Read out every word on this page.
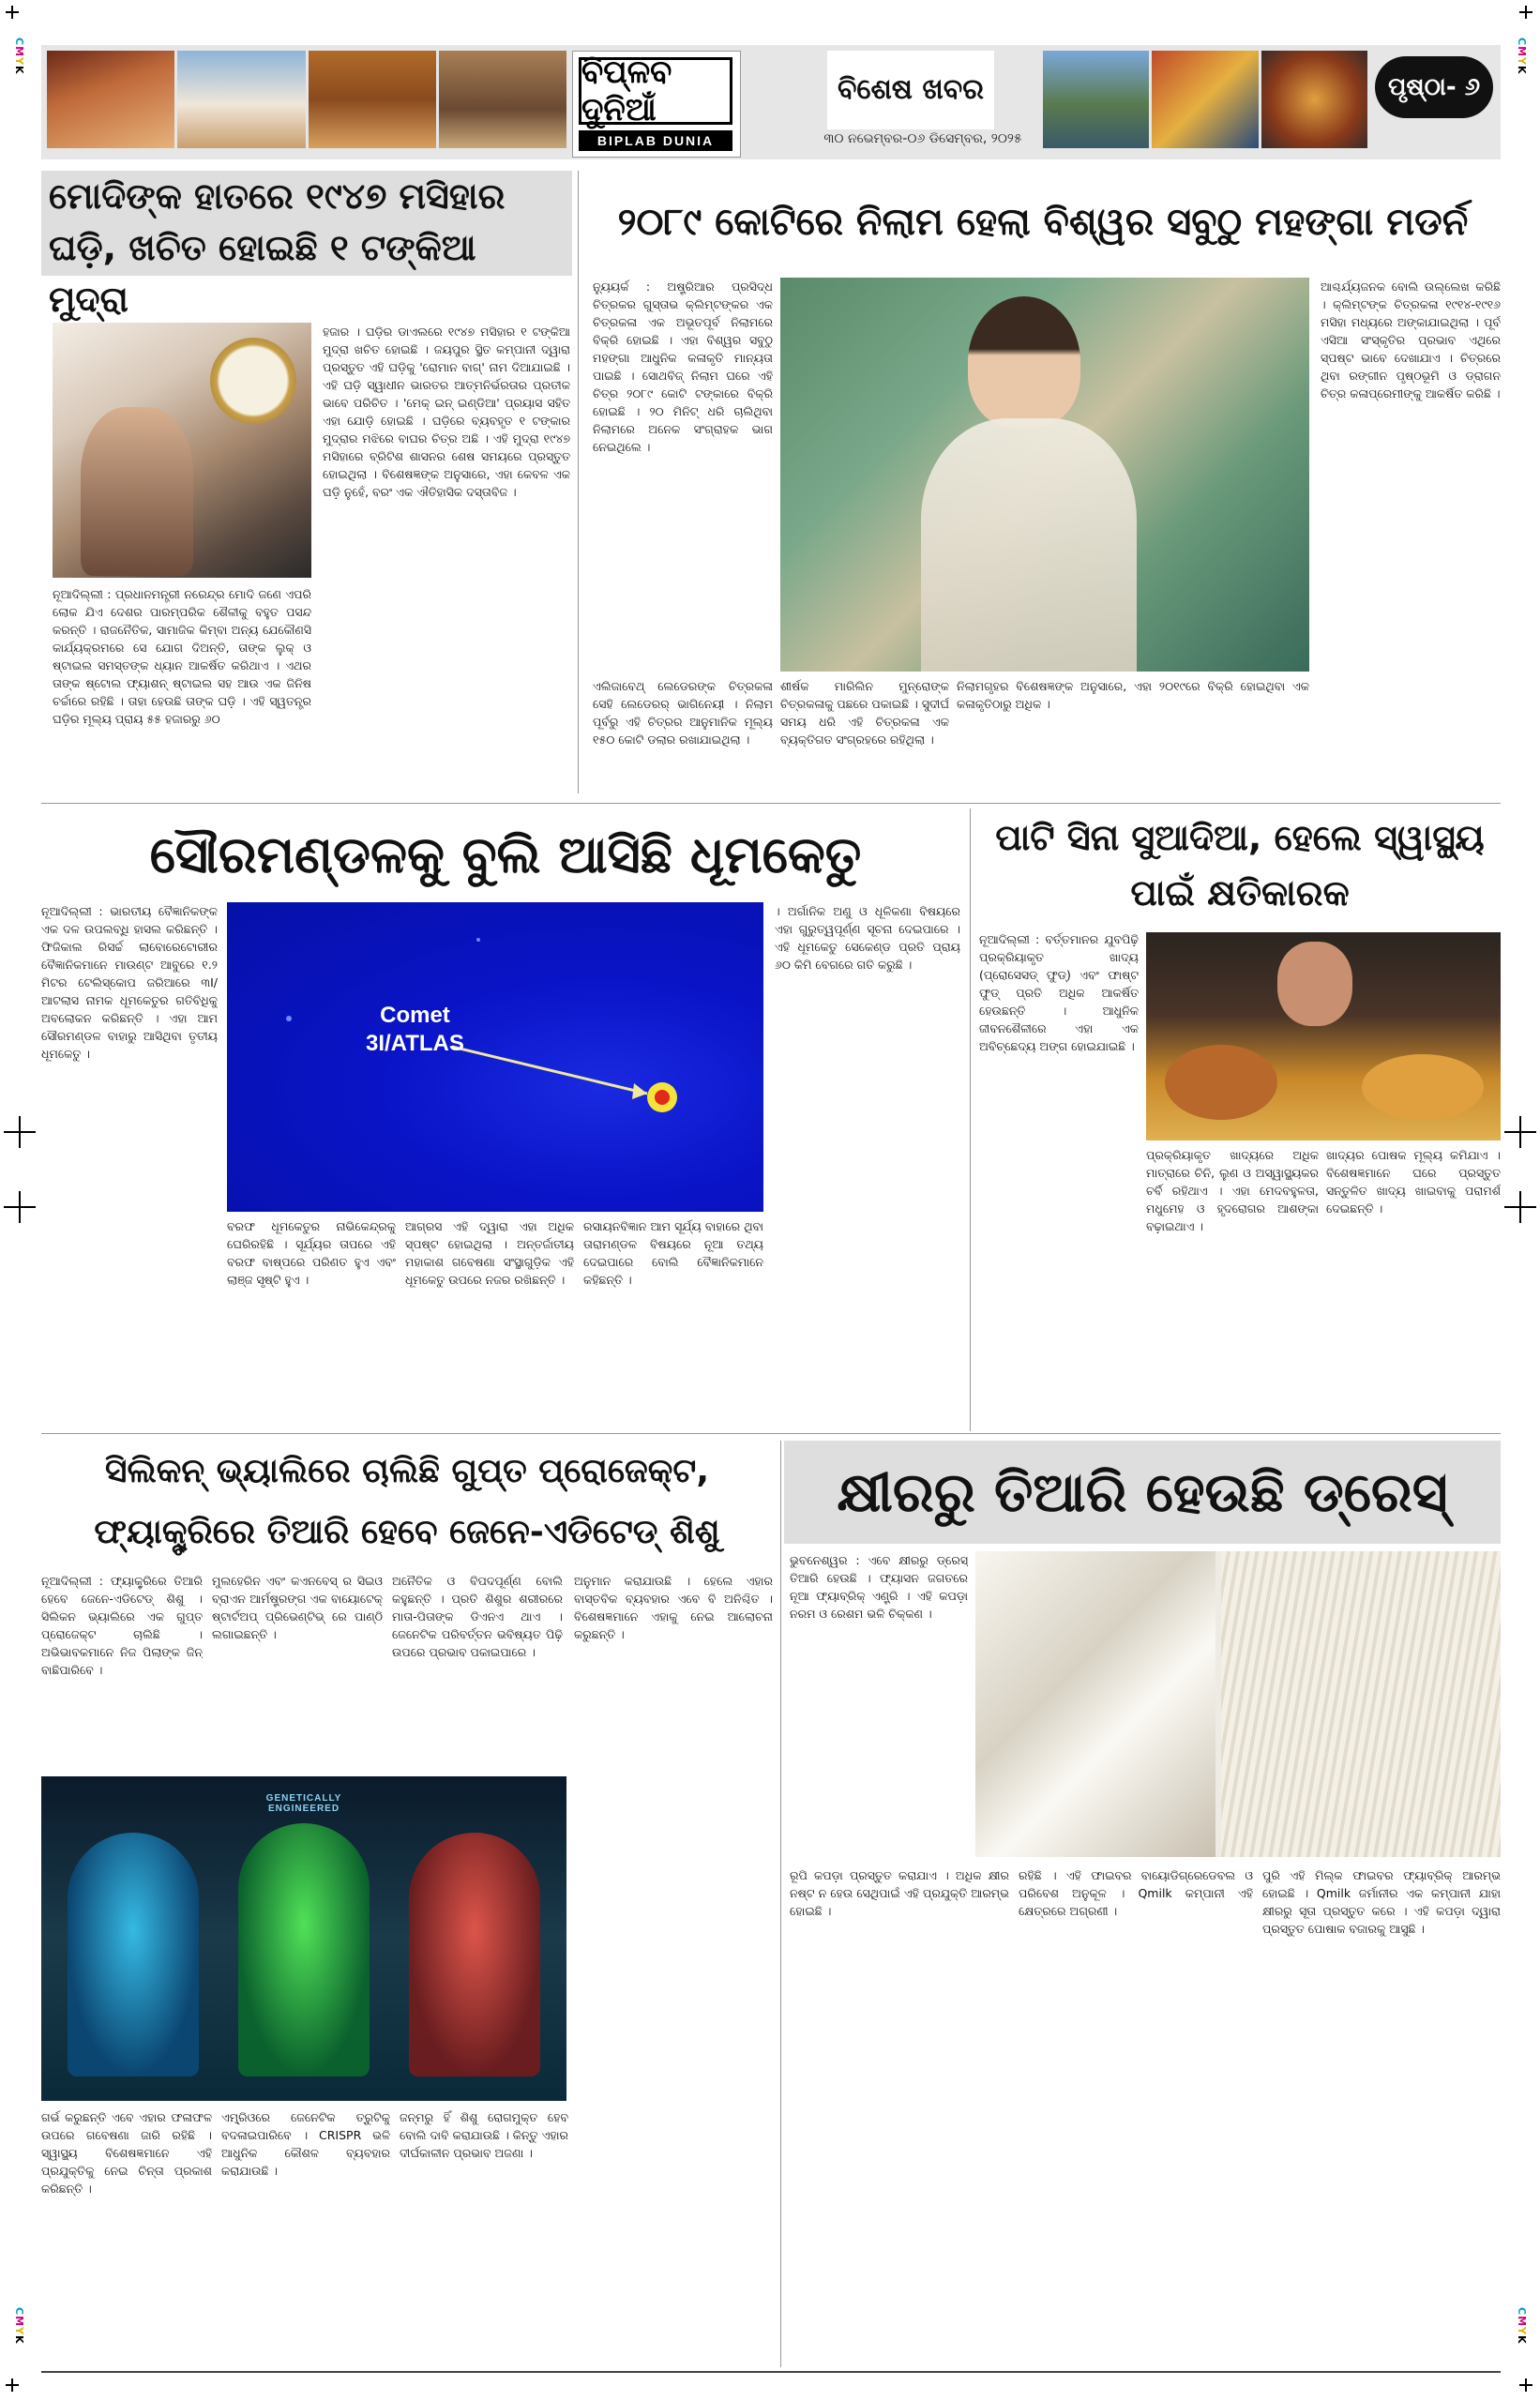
CMYK
CMYK
CMYK
CMYK
ବିପ୍ଳବ ଦୁନିଆଁ
BIPLAB DUNIA
ବିଶେଷ ଖବର
୩୦ ନଭେମ୍ବର-୦୬ ଡିସେମ୍ବର, ୨୦୨୫
ପୃଷ୍ଠା- ୬
ମୋଦିଙ୍କ ହାତରେ ୧୯୪୭ ମସିହାର ଘଡ଼ି, ଖଚିତ ହୋଇଛି ୧ ଟଙ୍କିଆ ମୁଦ୍ରା
ନୂଆଦିଲ୍ଲୀ : ପ୍ରଧାନମନ୍ତ୍ରୀ ନରେନ୍ଦ୍ର ମୋଦି ଜଣେ ଏପରି ଲୋକ ଯିଏ ଦେଶର ପାରମ୍ପରିକ ଶୈଳୀକୁ ବହୁତ ପସନ୍ଦ କରନ୍ତି । ରାଜନୈତିକ, ସାମାଜିକ କିମ୍ବା ଅନ୍ୟ ଯେକୌଣସି କାର୍ଯ୍ୟକ୍ରମରେ ସେ ଯୋଗ ଦିଅନ୍ତି, ତାଙ୍କ ଲୁକ୍ ଓ ଷ୍ଟାଇଲ ସମସ୍ତଙ୍କ ଧ୍ୟାନ ଆକର୍ଷିତ କରିଥାଏ । ଏଥର ତାଙ୍କ ଷ୍ଟୋଲ ଫ୍ୟାଶନ୍ ଷ୍ଟାଇଲ ସହ ଆଉ ଏକ ଜିନିଷ ଚର୍ଚ୍ଚାରେ ରହିଛି । ତାହା ହେଉଛି ତାଙ୍କ ଘଡ଼ି । ଏହି ସ୍ୱତନ୍ତ୍ର ଘଡ଼ିର ମୂଲ୍ୟ ପ୍ରାୟ ୫୫ ହଜାରରୁ ୬୦
ହଜାର । ଘଡ଼ିର ଡାଏଲରେ ୧୯୪୭ ମସିହାର ୧ ଟଙ୍କିଆ ମୁଦ୍ରା ଖଚିତ ହୋଇଛି । ଜୟପୁର ସ୍ଥିତ କମ୍ପାନୀ ଦ୍ୱାରା ପ୍ରସ୍ତୁତ ଏହି ଘଡ଼ିକୁ 'ରୋମାନ ବାଗ୍' ନାମ ଦିଆଯାଇଛି । ଏହି ଘଡ଼ି ସ୍ୱାଧୀନ ଭାରତର ଆତ୍ମନିର୍ଭରତାର ପ୍ରତୀକ ଭାବେ ପରିଚିତ । 'ମେକ୍ ଇନ୍ ଇଣ୍ଡିଆ' ପ୍ରୟାସ ସହିତ ଏହା ଯୋଡ଼ି ହୋଇଛି । ଘଡ଼ିରେ ବ୍ୟବହୃତ ୧ ଟଙ୍କାର ମୁଦ୍ରାର ମଝିରେ ବାଘର ଚିତ୍ର ଅଛି । ଏହି ମୁଦ୍ରା ୧୯୪୭ ମସିହାରେ ବ୍ରିଟିଶ ଶାସନର ଶେଷ ସମୟରେ ପ୍ରସ୍ତୁତ ହୋଇଥିଲା । ବିଶେଷଜ୍ଞଙ୍କ ଅନୁସାରେ, ଏହା କେବଳ ଏକ ଘଡ଼ି ନୁହେଁ, ବରଂ ଏକ ଐତିହାସିକ ଦସ୍ତାବିଜ ।
୨୦୮୯ କୋଟିରେ ନିଲାମ ହେଲା ବିଶ୍ୱର ସବୁଠୁ ମହଙ୍ଗା ମଡର୍ନ
ନ୍ୟୁୟର୍କ : ଅଷ୍ଟ୍ରିଆର ପ୍ରସିଦ୍ଧ ଚିତ୍ରକର ଗୁସ୍ତାଭ କ୍ଲିମ୍ଟଙ୍କର ଏକ ଚିତ୍ରକଳା ଏକ ଅଭୂତପୂର୍ବ ନିଲାମରେ ବିକ୍ରି ହୋଇଛି । ଏହା ବିଶ୍ୱର ସବୁଠୁ ମହଙ୍ଗା ଆଧୁନିକ କଳାକୃତି ମାନ୍ୟତା ପାଇଛି । ସୋଥବିଜ୍ ନିଲାମ ଘରେ ଏହି ଚିତ୍ର ୨୦୮୯ କୋଟି ଟଙ୍କାରେ ବିକ୍ରି ହୋଇଛି । ୨୦ ମିନିଟ୍ ଧରି ଚାଲିଥିବା ନିଲାମରେ ଅନେକ ସଂଗ୍ରାହକ ଭାଗ ନେଇଥିଲେ ।
ଆଶ୍ଚର୍ଯ୍ୟଜନକ ବୋଲି ଉଲ୍ଲେଖ କରିଛି । କ୍ଲିମ୍ଟଙ୍କ ଚିତ୍ରକଳା ୧୯୧୪-୧୯୧୬ ମସିହା ମଧ୍ୟରେ ଅଙ୍କାଯାଇଥିଲା । ପୂର୍ବ ଏସିଆ ସଂସ୍କୃତିର ପ୍ରଭାବ ଏଥିରେ ସ୍ପଷ୍ଟ ଭାବେ ଦେଖାଯାଏ । ଚିତ୍ରରେ ଥିବା ରଙ୍ଗୀନ ପୃଷ୍ଠଭୂମି ଓ ଡ୍ରାଗନ ଚିତ୍ର କଳାପ୍ରେମୀଙ୍କୁ ଆକର୍ଷିତ କରିଛି ।
ଏଲିଜାବେଥ୍ ଲେଡେରଙ୍କ ଚିତ୍ରକଳା ସେହି ଲେଡେରର୍ ଭାଗିନେୟୀ । ନିଲାମ ପୂର୍ବରୁ ଏହି ଚିତ୍ରର ଆନୁମାନିକ ମୂଲ୍ୟ ୧୫୦ କୋଟି ଡଲାର ରଖାଯାଇଥିଲା ।
ଶୀର୍ଷକ ମାରିଲିନ ମୁନ୍ରୋଙ୍କ ଚିତ୍ରକଳାକୁ ପଛରେ ପକାଇଛି । ସୁଦୀର୍ଘ ସମୟ ଧରି ଏହି ଚିତ୍ରକଳା ଏକ ବ୍ୟକ୍ତିଗତ ସଂଗ୍ରହରେ ରହିଥିଲା ।
ନିଲାମଗୃହର ବିଶେଷଜ୍ଞଙ୍କ ଅନୁସାରେ, ଏହା ୨୦୧୯ରେ ବିକ୍ରି ହୋଇଥିବା ଏକ କଳାକୃତିଠାରୁ ଅଧିକ ।
ସୌରମଣ୍ଡଳକୁ ବୁଲି ଆସିଛି ଧୂମକେତୁ
ନୂଆଦିଲ୍ଲୀ : ଭାରତୀୟ ବୈଜ୍ଞାନିକଙ୍କ ଏକ ଦଳ ଉପଲବ୍ଧି ହାସଲ କରିଛନ୍ତି । ଫିଜିକାଲ ରିସର୍ଚ୍ଚ ଲାବୋରେଟୋରୀର ବୈଜ୍ଞାନିକମାନେ ମାଉଣ୍ଟ ଆବୁରେ ୧.୨ ମିଟର ଟେଲିସ୍କୋପ ଜରିଆରେ ୩I/ଆଟଲାସ ନାମକ ଧୂମକେତୁର ଗତିବିଧିକୁ ଅବଲୋକନ କରିଛନ୍ତି । ଏହା ଆମ ସୌରମଣ୍ଡଳ ବାହାରୁ ଆସିଥିବା ତୃତୀୟ ଧୂମକେତୁ ।
Comet
3I/ATLAS
। ଅର୍ଗାନିକ ଅଣୁ ଓ ଧୂଳିକଣା ବିଷୟରେ ଏହା ଗୁରୁତ୍ୱପୂର୍ଣ୍ଣ ସୂଚନା ଦେଇପାରେ । ଏହି ଧୂମକେତୁ ସେକେଣ୍ଡ ପ୍ରତି ପ୍ରାୟ ୬୦ କିମି ବେଗରେ ଗତି କରୁଛି ।
ବରଫ ଧୂମକେତୁର ନାଭିକେନ୍ଦ୍ରକୁ ଘେରିରହିଛି । ସୂର୍ଯ୍ୟର ତାପରେ ଏହି ବରଫ ବାଷ୍ପରେ ପରିଣତ ହୁଏ ଏବଂ ଲାଞ୍ଜ ସୃଷ୍ଟି ହୁଏ ।
ଆଗ୍ରସ ଏହି ଦ୍ୱାରା ଏହା ଅଧିକ ସ୍ପଷ୍ଟ ହୋଇଥିଲା । ଅନ୍ତର୍ଜାତୀୟ ମହାକାଶ ଗବେଷଣା ସଂସ୍ଥାଗୁଡ଼ିକ ଏହି ଧୂମକେତୁ ଉପରେ ନଜର ରଖିଛନ୍ତି ।
ରସାୟନବିଜ୍ଞାନ ଆମ ସୂର୍ଯ୍ୟ ବାହାରେ ଥିବା ତାରାମଣ୍ଡଳ ବିଷୟରେ ନୂଆ ତଥ୍ୟ ଦେଇପାରେ ବୋଲି ବୈଜ୍ଞାନିକମାନେ କହିଛନ୍ତି ।
ପାଟି ସିନା ସୁଆଦିଆ, ହେଲେ ସ୍ୱାସ୍ଥ୍ୟ ପାଇଁ କ୍ଷତିକାରକ
ନୂଆଦିଲ୍ଲୀ : ବର୍ତ୍ତମାନର ଯୁବପିଢ଼ି ପ୍ରକ୍ରିୟାକୃତ ଖାଦ୍ୟ (ପ୍ରୋସେସଡ୍ ଫୁଡ୍) ଏବଂ ଫାଷ୍ଟ ଫୁଡ୍ ପ୍ରତି ଅଧିକ ଆକର୍ଷିତ ହେଉଛନ୍ତି । ଆଧୁନିକ ଜୀବନଶୈଳୀରେ ଏହା ଏକ ଅବିଚ୍ଛେଦ୍ୟ ଅଙ୍ଗ ହୋଇଯାଇଛି ।
ପ୍ରକ୍ରିୟାକୃତ ଖାଦ୍ୟରେ ଅଧିକ ମାତ୍ରାରେ ଚିନି, ଲୁଣ ଓ ଅସ୍ୱାସ୍ଥ୍ୟକର ଚର୍ବି ରହିଥାଏ । ଏହା ମେଦବହୁଳତା, ମଧୁମେହ ଓ ହୃଦରୋଗର ଆଶଙ୍କା ବଢ଼ାଇଥାଏ ।
ଖାଦ୍ୟର ପୋଷକ ମୂଲ୍ୟ କମିଯାଏ । ବିଶେଷଜ୍ଞମାନେ ଘରେ ପ୍ରସ୍ତୁତ ସନ୍ତୁଳିତ ଖାଦ୍ୟ ଖାଇବାକୁ ପରାମର୍ଶ ଦେଇଛନ୍ତି ।
ସିଲିକନ୍ ଭ୍ୟାଲିରେ ଚାଲିଛି ଗୁପ୍ତ ପ୍ରୋଜେକ୍ଟ, ଫ୍ୟାକ୍ଟ୍ରିରେ ତିଆରି ହେବେ ଜେନେ-ଏଡିଟେଡ୍ ଶିଶୁ
ନୂଆଦିଲ୍ଲୀ : ଫ୍ୟାକ୍ଟ୍ରିରେ ତିଆରି ହେବେ ଜେନେ-ଏଡିଟେଡ୍ ଶିଶୁ । ସିଲିକନ ଭ୍ୟାଲିରେ ଏକ ଗୁପ୍ତ ପ୍ରୋଜେକ୍ଟ ଚାଲିଛି । ଅଭିଭାବକମାନେ ନିଜ ପିଲାଙ୍କ ଜିନ୍ ବାଛିପାରିବେ ।
ମୁଲହେରିନ ଏବଂ କଏନବେସ୍ ର ସିଇଓ ବ୍ରାଏନ ଆର୍ମଷ୍ଟ୍ରଙ୍ଗ ଏକ ବାୟୋଟେକ୍ ଷ୍ଟାର୍ଟଅପ୍ ପ୍ରିଭେଣ୍ଟିଭ୍ ରେ ପାଣ୍ଠି ଲଗାଇଛନ୍ତି ।
ଅନୈତିକ ଓ ବିପଦପୂର୍ଣ୍ଣ ବୋଲି କହୁଛନ୍ତି । ପ୍ରତି ଶିଶୁର ଶରୀରରେ ମାତା-ପିତାଙ୍କ ଡିଏନଏ ଥାଏ । ଜେନେଟିକ ପରିବର୍ତ୍ତନ ଭବିଷ୍ୟତ ପିଢ଼ି ଉପରେ ପ୍ରଭାବ ପକାଇପାରେ ।
ଅନୁମାନ କରାଯାଉଛି । ହେଲେ ଏହାର ବାସ୍ତବିକ ବ୍ୟବହାର ଏବେ ବି ଅନିଶ୍ଚିତ । ବିଶେଷଜ୍ଞମାନେ ଏହାକୁ ନେଇ ଆଲୋଚନା କରୁଛନ୍ତି ।
GENETICALLY ENGINEERED
ଗର୍ଭ କରୁଛନ୍ତି ଏବେ ଏହାର ଫଳାଫଳ ଉପରେ ଗବେଷଣା ଜାରି ରହିଛି । ସ୍ୱାସ୍ଥ୍ୟ ବିଶେଷଜ୍ଞମାନେ ଏହି ପ୍ରଯୁକ୍ତିକୁ ନେଇ ଚିନ୍ତା ପ୍ରକାଶ କରିଛନ୍ତି ।
ଏମ୍ବ୍ରିଓରେ ଜେନେଟିକ ତ୍ରୁଟିକୁ ବଦଳାଇପାରିବେ । CRISPR ଭଳି ଆଧୁନିକ କୌଶଳ ବ୍ୟବହାର କରାଯାଉଛି ।
ଜନ୍ମରୁ ହିଁ ଶିଶୁ ରୋଗମୁକ୍ତ ହେବ ବୋଲି ଦାବି କରାଯାଉଛି । କିନ୍ତୁ ଏହାର ଦୀର୍ଘକାଳୀନ ପ୍ରଭାବ ଅଜଣା ।
କ୍ଷୀରରୁ ତିଆରି ହେଉଛି ଡ୍ରେସ୍
ଭୁବନେଶ୍ୱର : ଏବେ କ୍ଷୀରରୁ ଡ୍ରେସ୍ ତିଆରି ହେଉଛି । ଫ୍ୟାସନ ଜଗତରେ ନୂଆ ଫ୍ୟାବ୍ରିକ୍ ଏଣ୍ଟ୍ରି । ଏହି କପଡ଼ା ନରମ ଓ ରେଶମ ଭଳି ଚିକ୍କଣ ।
ରୂପି କପଡ଼ା ପ୍ରସ୍ତୁତ କରାଯାଏ । ଅଧିକ କ୍ଷୀର ନଷ୍ଟ ନ ହେଉ ସେଥିପାଇଁ ଏହି ପ୍ରଯୁକ୍ତି ଆରମ୍ଭ ହୋଇଛି ।
ରହିଛି । ଏହି ଫାଇବର ବାୟୋଡିଗ୍ରେଡେବଲ ଓ ପରିବେଶ ଅନୁକୂଳ । Qmilk କମ୍ପାନୀ ଏହି କ୍ଷେତ୍ରରେ ଅଗ୍ରଣୀ ।
ପୁରି ଏହି ମିଲ୍କ ଫାଇବର ଫ୍ୟାବ୍ରିକ୍ ଆରମ୍ଭ ହୋଇଛି । Qmilk ଜର୍ମାନୀର ଏକ କମ୍ପାନୀ ଯାହା କ୍ଷୀରରୁ ସୂତା ପ୍ରସ୍ତୁତ କରେ । ଏହି କପଡ଼ା ଦ୍ୱାରା ପ୍ରସ୍ତୁତ ପୋଷାକ ବଜାରକୁ ଆସୁଛି ।
